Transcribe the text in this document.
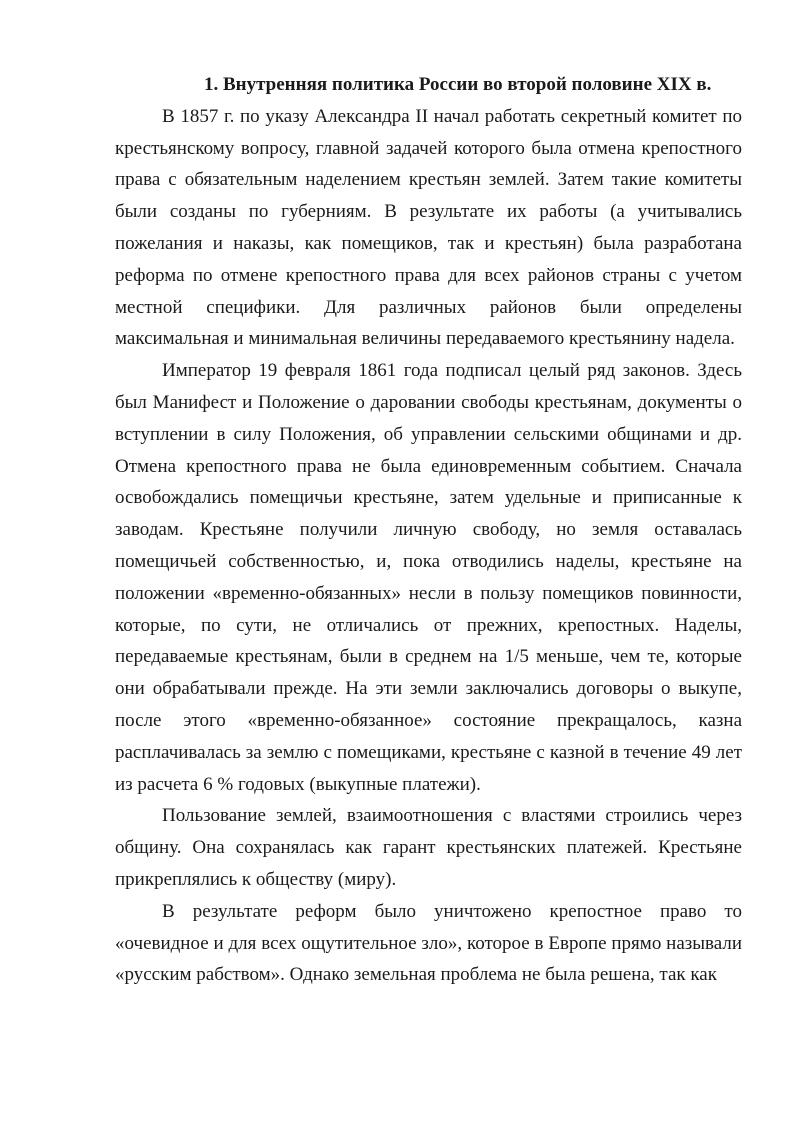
1. Внутренняя политика России во второй половине XIX в.

В 1857 г. по указу Александра II начал работать секретный комитет по крестьянскому вопросу, главной задачей которого была отмена крепостного права с обязательным наделением крестьян землей. Затем такие комитеты были созданы по губерниям. В результате их работы (а учитывались пожелания и наказы, как помещиков, так и крестьян) была разработана реформа по отмене крепостного права для всех районов страны с учетом местной специфики. Для различных районов были определены максимальная и минимальная величины передаваемого крестьянину надела.

Император 19 февраля 1861 года подписал целый ряд законов. Здесь был Манифест и Положение о даровании свободы крестьянам, документы о вступлении в силу Положения, об управлении сельскими общинами и др. Отмена крепостного права не была единовременным событием. Сначала освобождались помещичьи крестьяне, затем удельные и приписанные к заводам. Крестьяне получили личную свободу, но земля оставалась помещичьей собственностью, и, пока отводились наделы, крестьяне на положении «временно-обязанных» несли в пользу помещиков повинности, которые, по сути, не отличались от прежних, крепостных. Наделы, передаваемые крестьянам, были в среднем на 1/5 меньше, чем те, которые они обрабатывали прежде. На эти земли заключались договоры о выкупе, после этого «временно-обязанное» состояние прекращалось, казна расплачивалась за землю с помещиками, крестьяне с казной в течение 49 лет из расчета 6 % годовых (выкупные платежи).

Пользование землей, взаимоотношения с властями строились через общину. Она сохранялась как гарант крестьянских платежей. Крестьяне прикреплялись к обществу (миру).

В результате реформ было уничтожено крепостное право то «очевидное и для всех ощутительное зло», которое в Европе прямо называли «русским рабством». Однако земельная проблема не была решена, так как
